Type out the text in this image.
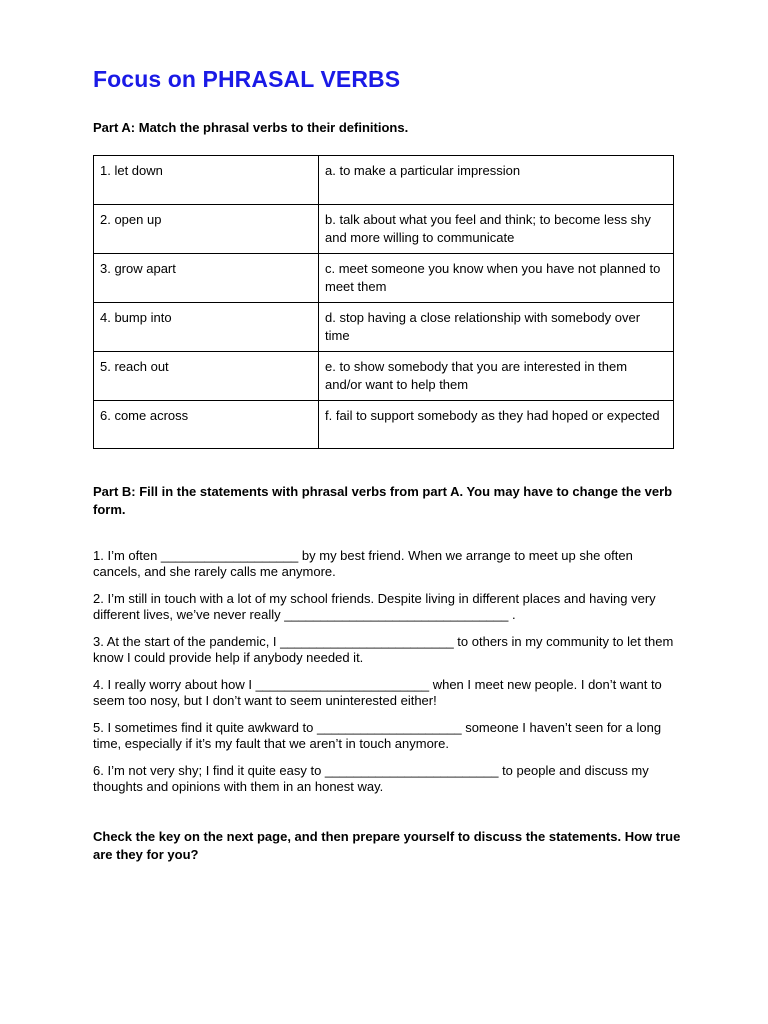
Focus on PHRASAL VERBS

Part A: Match the phrasal verbs to their definitions.

1. let down	a. to make a particular impression
2. open up	b. talk about what you feel and think; to become less shy and more willing to communicate
3. grow apart	c. meet someone you know when you have not planned to meet them
4. bump into	d. stop having a close relationship with somebody over time
5. reach out	e. to show somebody that you are interested in them and/or want to help them
6. come across	f. fail to support somebody as they had hoped or expected

Part B: Fill in the statements with phrasal verbs from part A. You may have to change the verb form.

1. I’m often ___________________ by my best friend. When we arrange to meet up she often cancels, and she rarely calls me anymore.

2. I’m still in touch with a lot of my school friends. Despite living in different places and having very different lives, we’ve never really _______________________________ .

3. At the start of the pandemic, I ________________________ to others in my community to let them know I could provide help if anybody needed it.

4. I really worry about how I ________________________ when I meet new people. I don’t want to seem too nosy, but I don’t want to seem uninterested either!

5. I sometimes find it quite awkward to ____________________ someone I haven’t seen for a long time, especially if it’s my fault that we aren’t in touch anymore.

6. I’m not very shy; I find it quite easy to ________________________ to people and discuss my thoughts and opinions with them in an honest way.

Check the key on the next page, and then prepare yourself to discuss the statements. How true are they for you?
